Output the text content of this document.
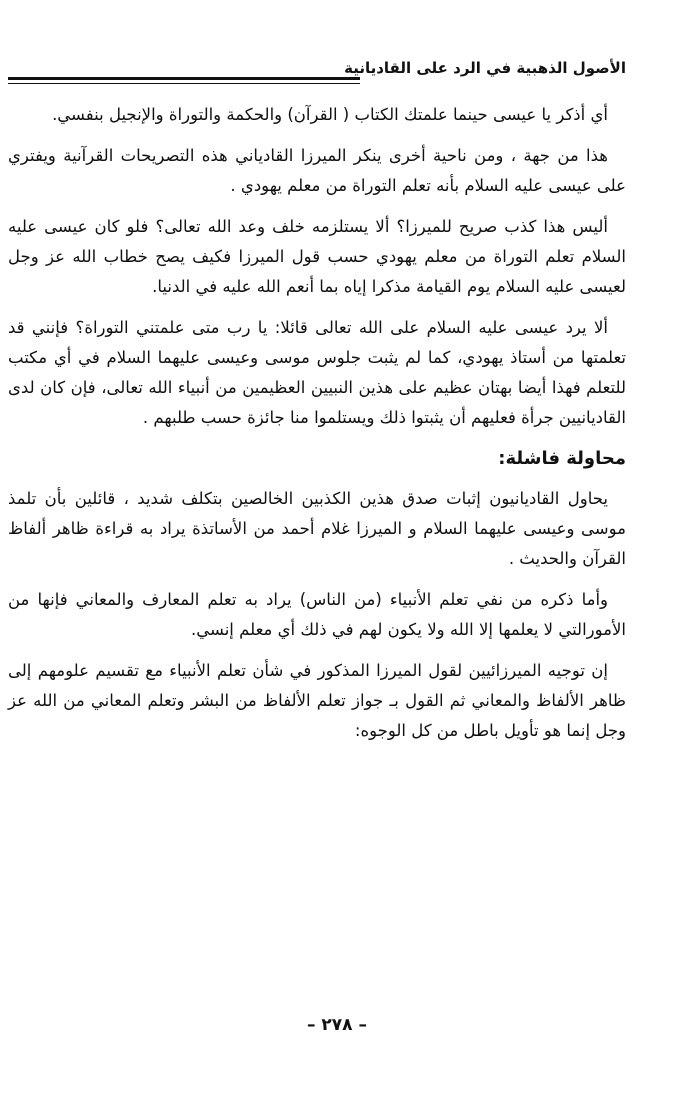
الأصول الذهبية في الرد على القاديانية

أي أذكر يا عيسى حينما علمتك الكتاب ( القرآن) والحكمة والتوراة والإنجيل بنفسي.

هذا من جهة ، ومن ناحية أخرى ينكر الميرزا القادياني هذه التصريحات القرآنية ويفتري على عيسى عليه السلام بأنه تعلم التوراة من معلم يهودي .

أليس هذا كذب صريح للميرزا؟ ألا يستلزمه خلف وعد الله تعالى؟ فلو كان عيسى عليه السلام تعلم التوراة من معلم يهودي حسب قول الميرزا فكيف يصح خطاب الله عز وجل لعيسى عليه السلام يوم القيامة مذكرا إياه بما أنعم الله عليه في الدنيا.

ألا يرد عيسى عليه السلام على الله تعالى قائلا: يا رب متى علمتني التوراة؟ فإنني قد تعلمتها من أستاذ يهودي، كما لم يثبت جلوس موسى وعيسى عليهما السلام في أي مكتب للتعلم فهذا أيضا بهتان عظيم على هذين النبيين العظيمين من أنبياء الله تعالى، فإن كان لدى القاديانيين جرأة فعليهم أن يثبتوا ذلك ويستلموا منا جائزة حسب طلبهم .

محاولة فاشلة:

يحاول القاديانيون إثبات صدق هذين الكذبين الخالصين بتكلف شديد ، قائلين بأن تلمذ موسى وعيسى عليهما السلام و الميرزا غلام أحمد من الأساتذة يراد به قراءة ظاهر ألفاظ القرآن والحديث .

وأما ذكره من نفي تعلم الأنبياء (من الناس) يراد به تعلم المعارف والمعاني فإنها من الأمورالتي لا يعلمها إلا الله ولا يكون لهم في ذلك أي معلم إنسي.

إن توجيه الميرزائيين لقول الميرزا المذكور في شأن تعلم الأنبياء مع تقسيم علومهم إلى ظاهر الألفاظ والمعاني ثم القول بـ جواز تعلم الألفاظ من البشر وتعلم المعاني من الله عز وجل إنما هو تأويل باطل من كل الوجوه:

– ٢٧٨ –
